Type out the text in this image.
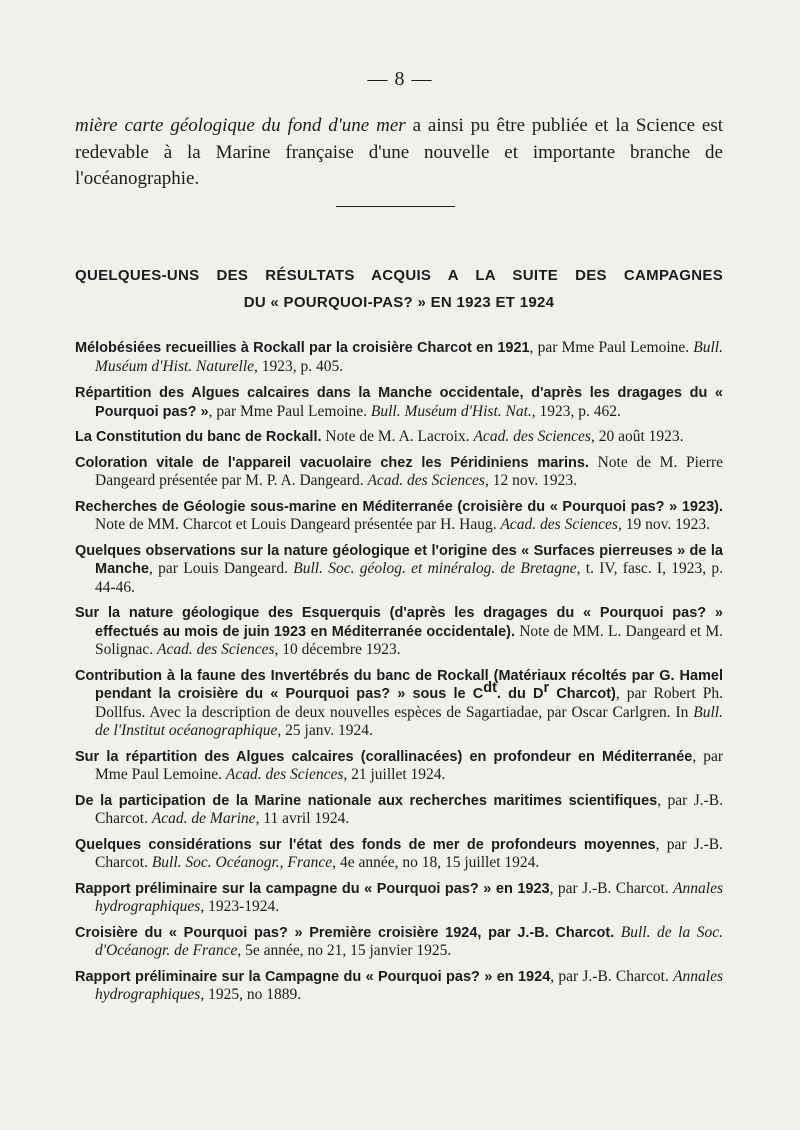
— 8 —
mière carte géologique du fond d'une mer a ainsi pu être publiée et la Science est redevable à la Marine française d'une nouvelle et importante branche de l'océanographie.
QUELQUES-UNS DES RÉSULTATS ACQUIS A LA SUITE DES CAMPAGNES
DU « POURQUOI-PAS? » EN 1923 ET 1924

Mélobésiées recueillies à Rockall par la croisière Charcot en 1921, par Mme Paul Lemoine. Bull. Muséum d'Hist. Naturelle, 1923, p. 405.

Répartition des Algues calcaires dans la Manche occidentale, d'après les dragages du « Pourquoi pas? », par Mme Paul Lemoine. Bull. Muséum d'Hist. Nat., 1923, p. 462.

La Constitution du banc de Rockall. Note de M. A. Lacroix. Acad. des Sciences, 20 août 1923.

Coloration vitale de l'appareil vacuolaire chez les Péridiniens marins. Note de M. Pierre Dangeard présentée par M. P. A. Dangeard. Acad. des Sciences, 12 nov. 1923.

Recherches de Géologie sous-marine en Méditerranée (croisière du « Pourquoi pas? » 1923). Note de MM. Charcot et Louis Dangeard présentée par H. Haug. Acad. des Sciences, 19 nov. 1923.

Quelques observations sur la nature géologique et l'origine des « Surfaces pierreuses » de la Manche, par Louis Dangeard. Bull. Soc. géolog. et minéralog. de Bretagne, t. IV, fasc. I, 1923, p. 44-46.

Sur la nature géologique des Esquerquis (d'après les dragages du « Pourquoi pas? » effectués au mois de juin 1923 en Méditerranée occidentale). Note de MM. L. Dangeard et M. Solignac. Acad. des Sciences, 10 décembre 1923.

Contribution à la faune des Invertébrés du banc de Rockall (Matériaux récoltés par G. Hamel pendant la croisière du « Pourquoi pas? » sous le $C^{dt}$. du $D^r$ Charcot), par Robert Ph. Dollfus. Avec la description de deux nouvelles espèces de Sagartiadae, par Oscar Carlgren. In Bull. de l'Institut océanographique, 25 janv. 1924.

Sur la répartition des Algues calcaires (corallinacées) en profondeur en Méditerranée, par Mme Paul Lemoine. Acad. des Sciences, 21 juillet 1924.

De la participation de la Marine nationale aux recherches maritimes scientifiques, par J.-B. Charcot. Acad. de Marine, 11 avril 1924.

Quelques considérations sur l'état des fonds de mer de profondeurs moyennes, par J.-B. Charcot. Bull. Soc. Océanogr., France, 4e année, no 18, 15 juillet 1924.

Rapport préliminaire sur la campagne du « Pourquoi pas? » en 1923, par J.-B. Charcot. Annales hydrographiques, 1923-1924.

Croisière du « Pourquoi pas? » Première croisière 1924, par J.-B. Charcot. Bull. de la Soc. d'Océanogr. de France, 5e année, no 21, 15 janvier 1925.

Rapport préliminaire sur la Campagne du « Pourquoi pas? » en 1924, par J.-B. Charcot. Annales hydrographiques, 1925, no 1889.
